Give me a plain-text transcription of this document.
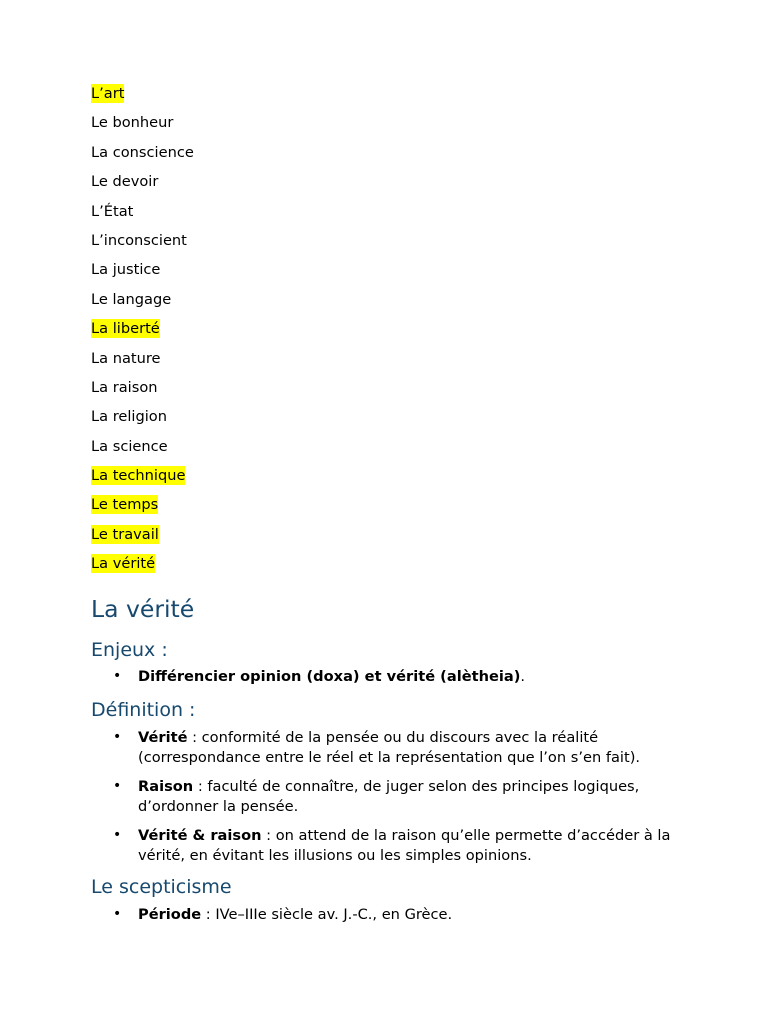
L’art
Le bonheur
La conscience
Le devoir
L’État
L’inconscient
La justice
Le langage
La liberté
La nature
La raison
La religion
La science
La technique
Le temps
Le travail
La vérité
La vérité
Enjeux :
• Différencier opinion (doxa) et vérité (alètheia).
Définition :
• Vérité : conformité de la pensée ou du discours avec la réalité (correspondance entre le réel et la représentation que l’on s’en fait).
• Raison : faculté de connaître, de juger selon des principes logiques, d’ordonner la pensée.
• Vérité & raison : on attend de la raison qu’elle permette d’accéder à la vérité, en évitant les illusions ou les simples opinions.
Le scepticisme
• Période : IVe–IIIe siècle av. J.-C., en Grèce.
